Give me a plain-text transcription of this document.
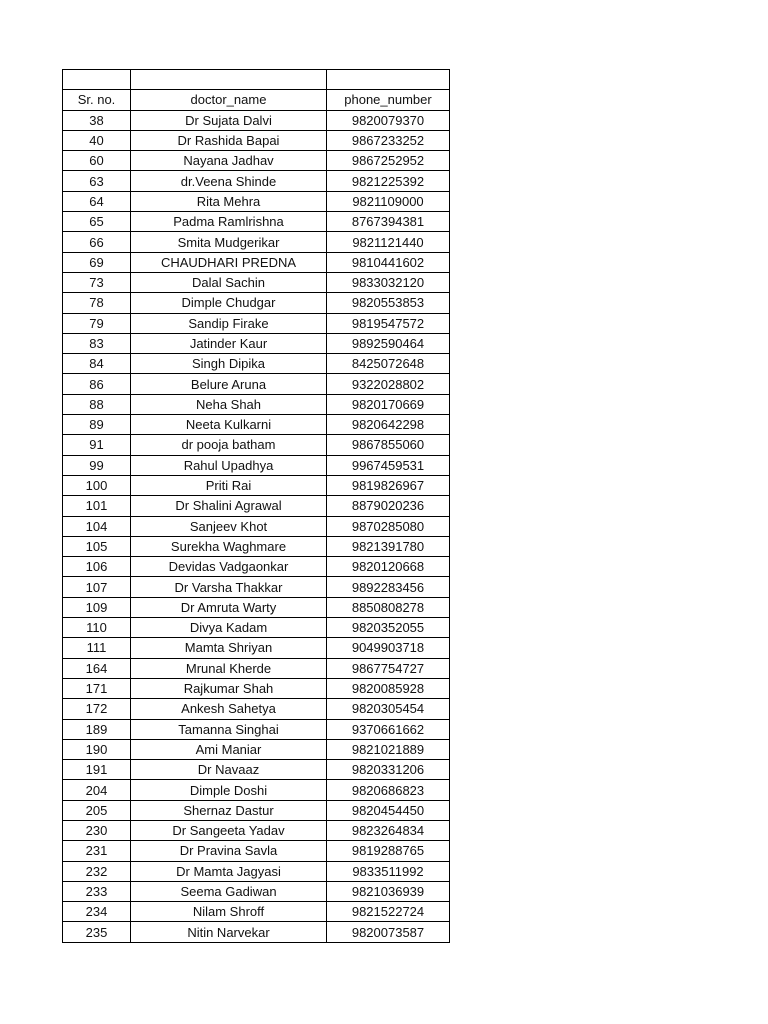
Sr. no.	doctor_name	phone_number
38	Dr Sujata Dalvi	9820079370
40	Dr Rashida Bapai	9867233252
60	Nayana Jadhav	9867252952
63	dr.Veena Shinde	9821225392
64	Rita Mehra	9821109000
65	Padma Ramlrishna	8767394381
66	Smita Mudgerikar	9821121440
69	CHAUDHARI PREDNA	9810441602
73	Dalal Sachin	9833032120
78	Dimple Chudgar	9820553853
79	Sandip Firake	9819547572
83	Jatinder Kaur	9892590464
84	Singh Dipika	8425072648
86	Belure Aruna	9322028802
88	Neha Shah	9820170669
89	Neeta Kulkarni	9820642298
91	dr pooja batham	9867855060
99	Rahul Upadhya	9967459531
100	Priti Rai	9819826967
101	Dr Shalini Agrawal	8879020236
104	Sanjeev Khot	9870285080
105	Surekha Waghmare	9821391780
106	Devidas Vadgaonkar	9820120668
107	Dr Varsha Thakkar	9892283456
109	Dr Amruta Warty	8850808278
110	Divya Kadam	9820352055
111	Mamta Shriyan	9049903718
164	Mrunal Kherde	9867754727
171	Rajkumar Shah	9820085928
172	Ankesh Sahetya	9820305454
189	Tamanna Singhai	9370661662
190	Ami Maniar	9821021889
191	Dr Navaaz	9820331206
204	Dimple Doshi	9820686823
205	Shernaz Dastur	9820454450
230	Dr Sangeeta Yadav	9823264834
231	Dr Pravina Savla	9819288765
232	Dr Mamta Jagyasi	9833511992
233	Seema Gadiwan	9821036939
234	Nilam Shroff	9821522724
235	Nitin Narvekar	9820073587
